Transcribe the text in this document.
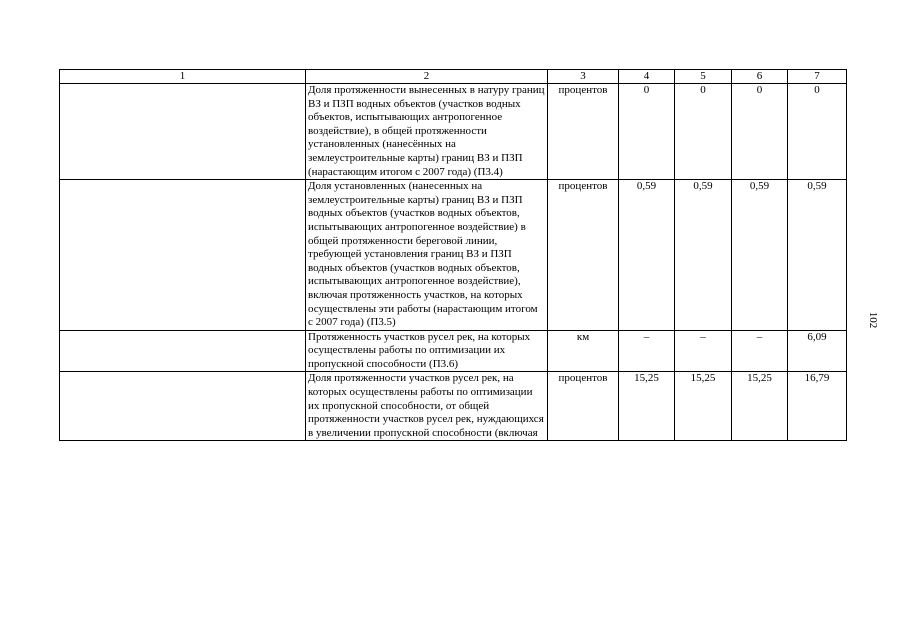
1	2	3	4	5	6	7
	Доля протяженности вынесенных в натуру границ ВЗ и ПЗП водных объектов (участков водных объектов, испытывающих антропогенное воздействие), в общей протяженности установленных (нанесённых на землеустроительные карты) границ ВЗ и ПЗП (нарастающим итогом с 2007 года) (П3.4)	процентов	0	0	0	0
	Доля установленных (нанесенных на землеустроительные карты) границ ВЗ и ПЗП водных объектов (участков водных объектов, испытывающих антропогенное воздействие) в общей протяженности береговой линии, требующей установления границ ВЗ и ПЗП водных объектов (участков водных объектов, испытывающих антропогенное воздействие), включая протяженность участков, на которых осуществлены эти работы (нарастающим итогом с 2007 года) (П3.5)	процентов	0,59	0,59	0,59	0,59
	Протяженность участков русел рек, на которых осуществлены работы по оптимизации их пропускной способности (П3.6)	км	–	–	–	6,09
	Доля протяженности участков русел рек, на которых осуществлены работы по оптимизации их пропускной способности, от общей протяженности участков русел рек, нуждающихся в увеличении пропускной способности (включая	процентов	15,25	15,25	15,25	16,79
102
